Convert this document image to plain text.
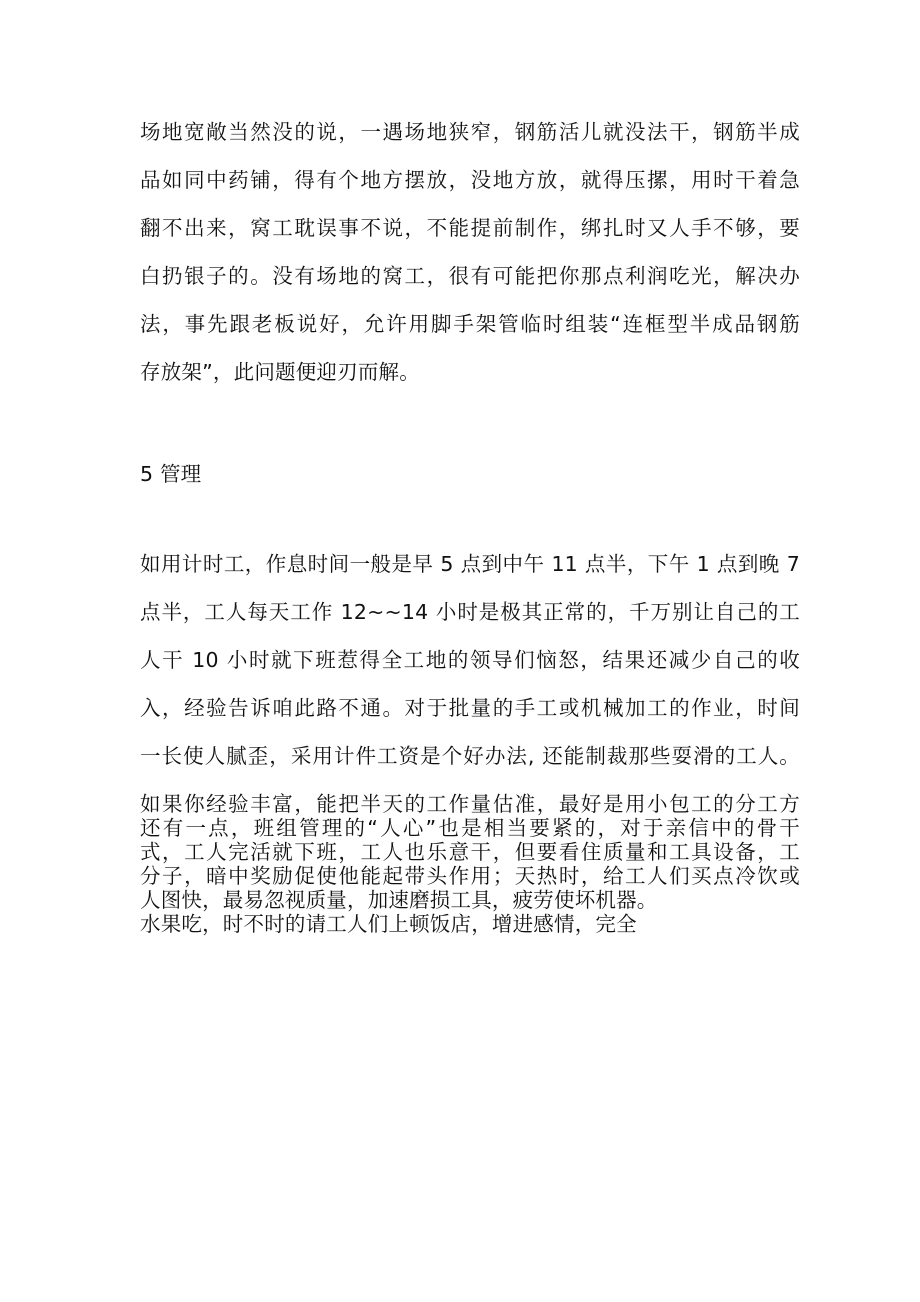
场地宽敞当然没的说，一遇场地狭窄，钢筋活儿就没法干，钢筋半成
品如同中药铺，得有个地方摆放，没地方放，就得压摞，用时干着急
翻不出来，窝工耽误事不说，不能提前制作，绑扎时又人手不够，要
白扔银子的。没有场地的窝工，很有可能把你那点利润吃光，解决办
法，事先跟老板说好，允许用脚手架管临时组装“连框型半成品钢筋
存放架”，此问题便迎刃而解。
5 管理
如用计时工，作息时间一般是早 5 点到中午 11 点半，下午 1 点到晚 7
点半，工人每天工作 12~~14 小时是极其正常的，千万别让自己的工
人干 10 小时就下班惹得全工地的领导们恼怒，结果还减少自己的收
入，经验告诉咱此路不通。对于批量的手工或机械加工的作业，时间
一长使人腻歪，采用计件工资是个好办法, 还能制裁那些耍滑的工人。
如果你经验丰富，能把半天的工作量估准，最好是用小包工的分工方
式，工人完活就下班，工人也乐意干，但要看住质量和工具设备，工
人图快，最易忽视质量，加速磨损工具，疲劳使坏机器。
还有一点，班组管理的“人心”也是相当要紧的，对于亲信中的骨干
分子，暗中奖励促使他能起带头作用；天热时，给工人们买点冷饮或
水果吃，时不时的请工人们上顿饭店，增进感情，完全
